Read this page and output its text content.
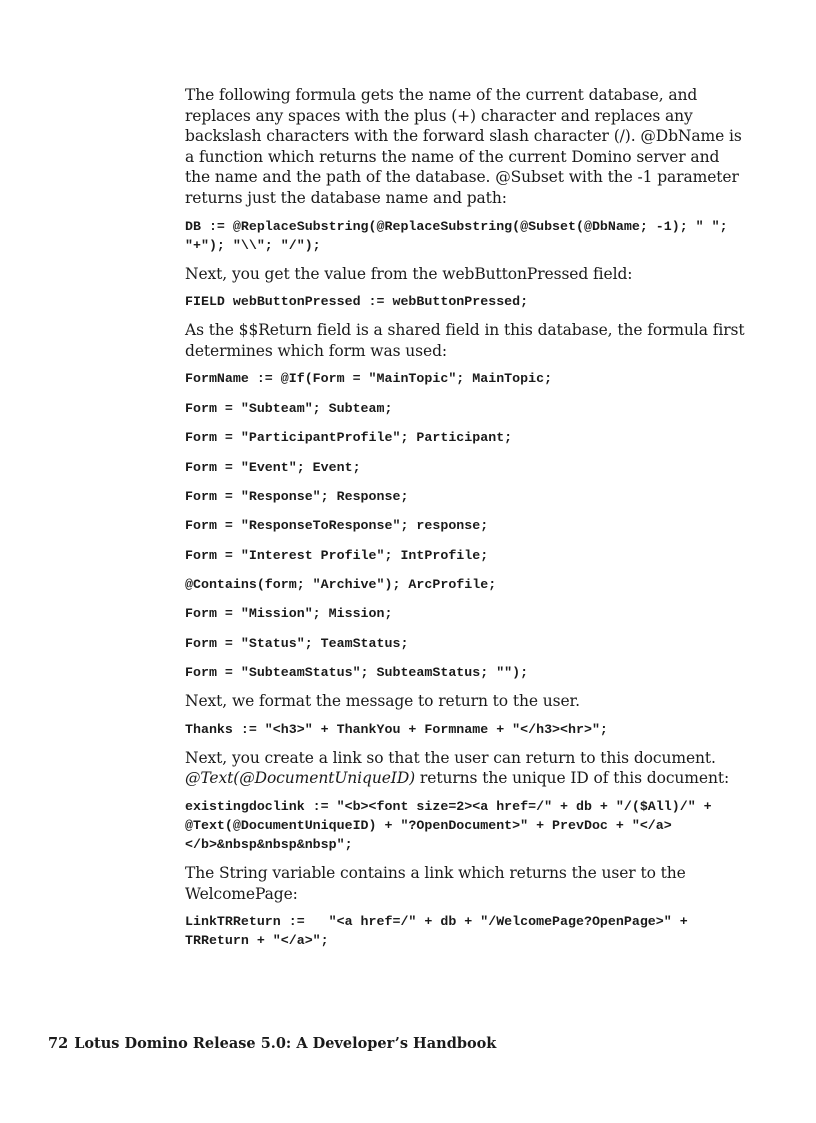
The following formula gets the name of the current database, and replaces any spaces with the plus (+) character and replaces any backslash characters with the forward slash character (/). @DbName is a function which returns the name of the current Domino server and the name and the path of the database. @Subset with the -1 parameter returns just the database name and path:

DB := @ReplaceSubstring(@ReplaceSubstring(@Subset(@DbName; -1); " "; "+"); "\\"; "/");

Next, you get the value from the webButtonPressed field:

FIELD webButtonPressed := webButtonPressed;

As the $$Return field is a shared field in this database, the formula first determines which form was used:

FormName := @If(Form = "MainTopic"; MainTopic;
Form = "Subteam"; Subteam;
Form = "ParticipantProfile"; Participant;
Form = "Event"; Event;
Form = "Response"; Response;
Form = "ResponseToResponse"; response;
Form = "Interest Profile"; IntProfile;
@Contains(form; "Archive"); ArcProfile;
Form = "Mission"; Mission;
Form = "Status"; TeamStatus;
Form = "SubteamStatus"; SubteamStatus; "");

Next, we format the message to return to the user.

Thanks := "<h3>" + ThankYou + Formname + "</h3><hr>";

Next, you create a link so that the user can return to this document. @Text(@DocumentUniqueID) returns the unique ID of this document:

existingdoclink := "<b><font size=2><a href=/" + db + "/($All)/" + @Text(@DocumentUniqueID) + "?OpenDocument>" + PrevDoc + "</a></b>&nbsp&nbsp&nbsp";

The String variable contains a link which returns the user to the WelcomePage:

LinkTRReturn :=   "<a href=/" + db + "/WelcomePage?OpenPage>" + TRReturn + "</a>";
72 Lotus Domino Release 5.0: A Developer’s Handbook
